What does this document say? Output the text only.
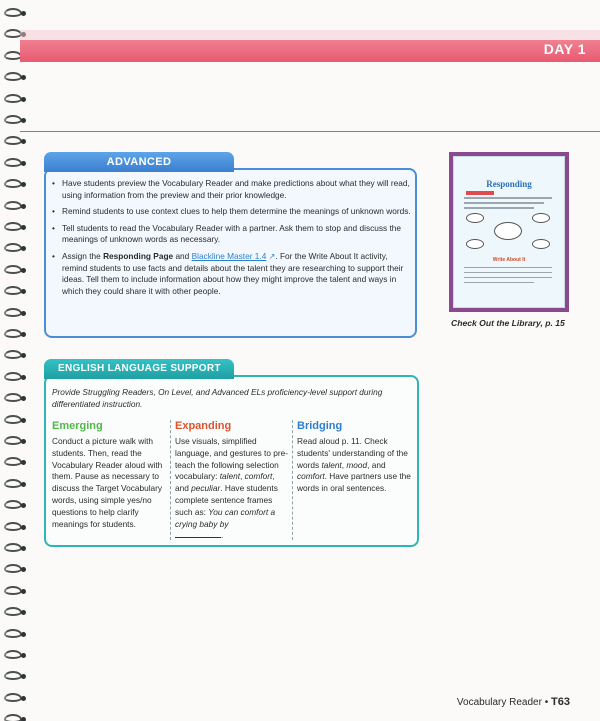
DAY 1
ADVANCED
• Have students preview the Vocabulary Reader and make predictions about what they will read, using information from the preview and their prior knowledge.
• Remind students to use context clues to help them determine the meanings of unknown words.
• Tell students to read the Vocabulary Reader with a partner. Ask them to stop and discuss the meanings of unknown words as necessary.
• Assign the Responding Page and Blackline Master 1.4 ↗. For the Write About It activity, remind students to use facts and details about the talent they are researching to support their ideas. Tell them to include information about how they might improve the talent and ways in which they could share it with other people.
ENGLISH LANGUAGE SUPPORT

Provide Struggling Readers, On Level, and Advanced ELs proficiency-level support during differentiated instruction.

Emerging

Conduct a picture walk with students. Then, read the Vocabulary Reader aloud with them. Pause as necessary to discuss the Target Vocabulary words, using simple yes/no questions to help clarify meanings for students.

Expanding

Use visuals, simplified language, and gestures to pre-teach the following selection vocabulary: talent, comfort, and peculiar. Have students complete sentence frames such as: You can comfort a crying baby by
.

Bridging

Read aloud p. 11. Check students' understanding of the words talent, mood, and comfort. Have partners use the words in oral sentences.

Responding
Write About It
Check Out the Library, p. 15
Vocabulary Reader • T63
